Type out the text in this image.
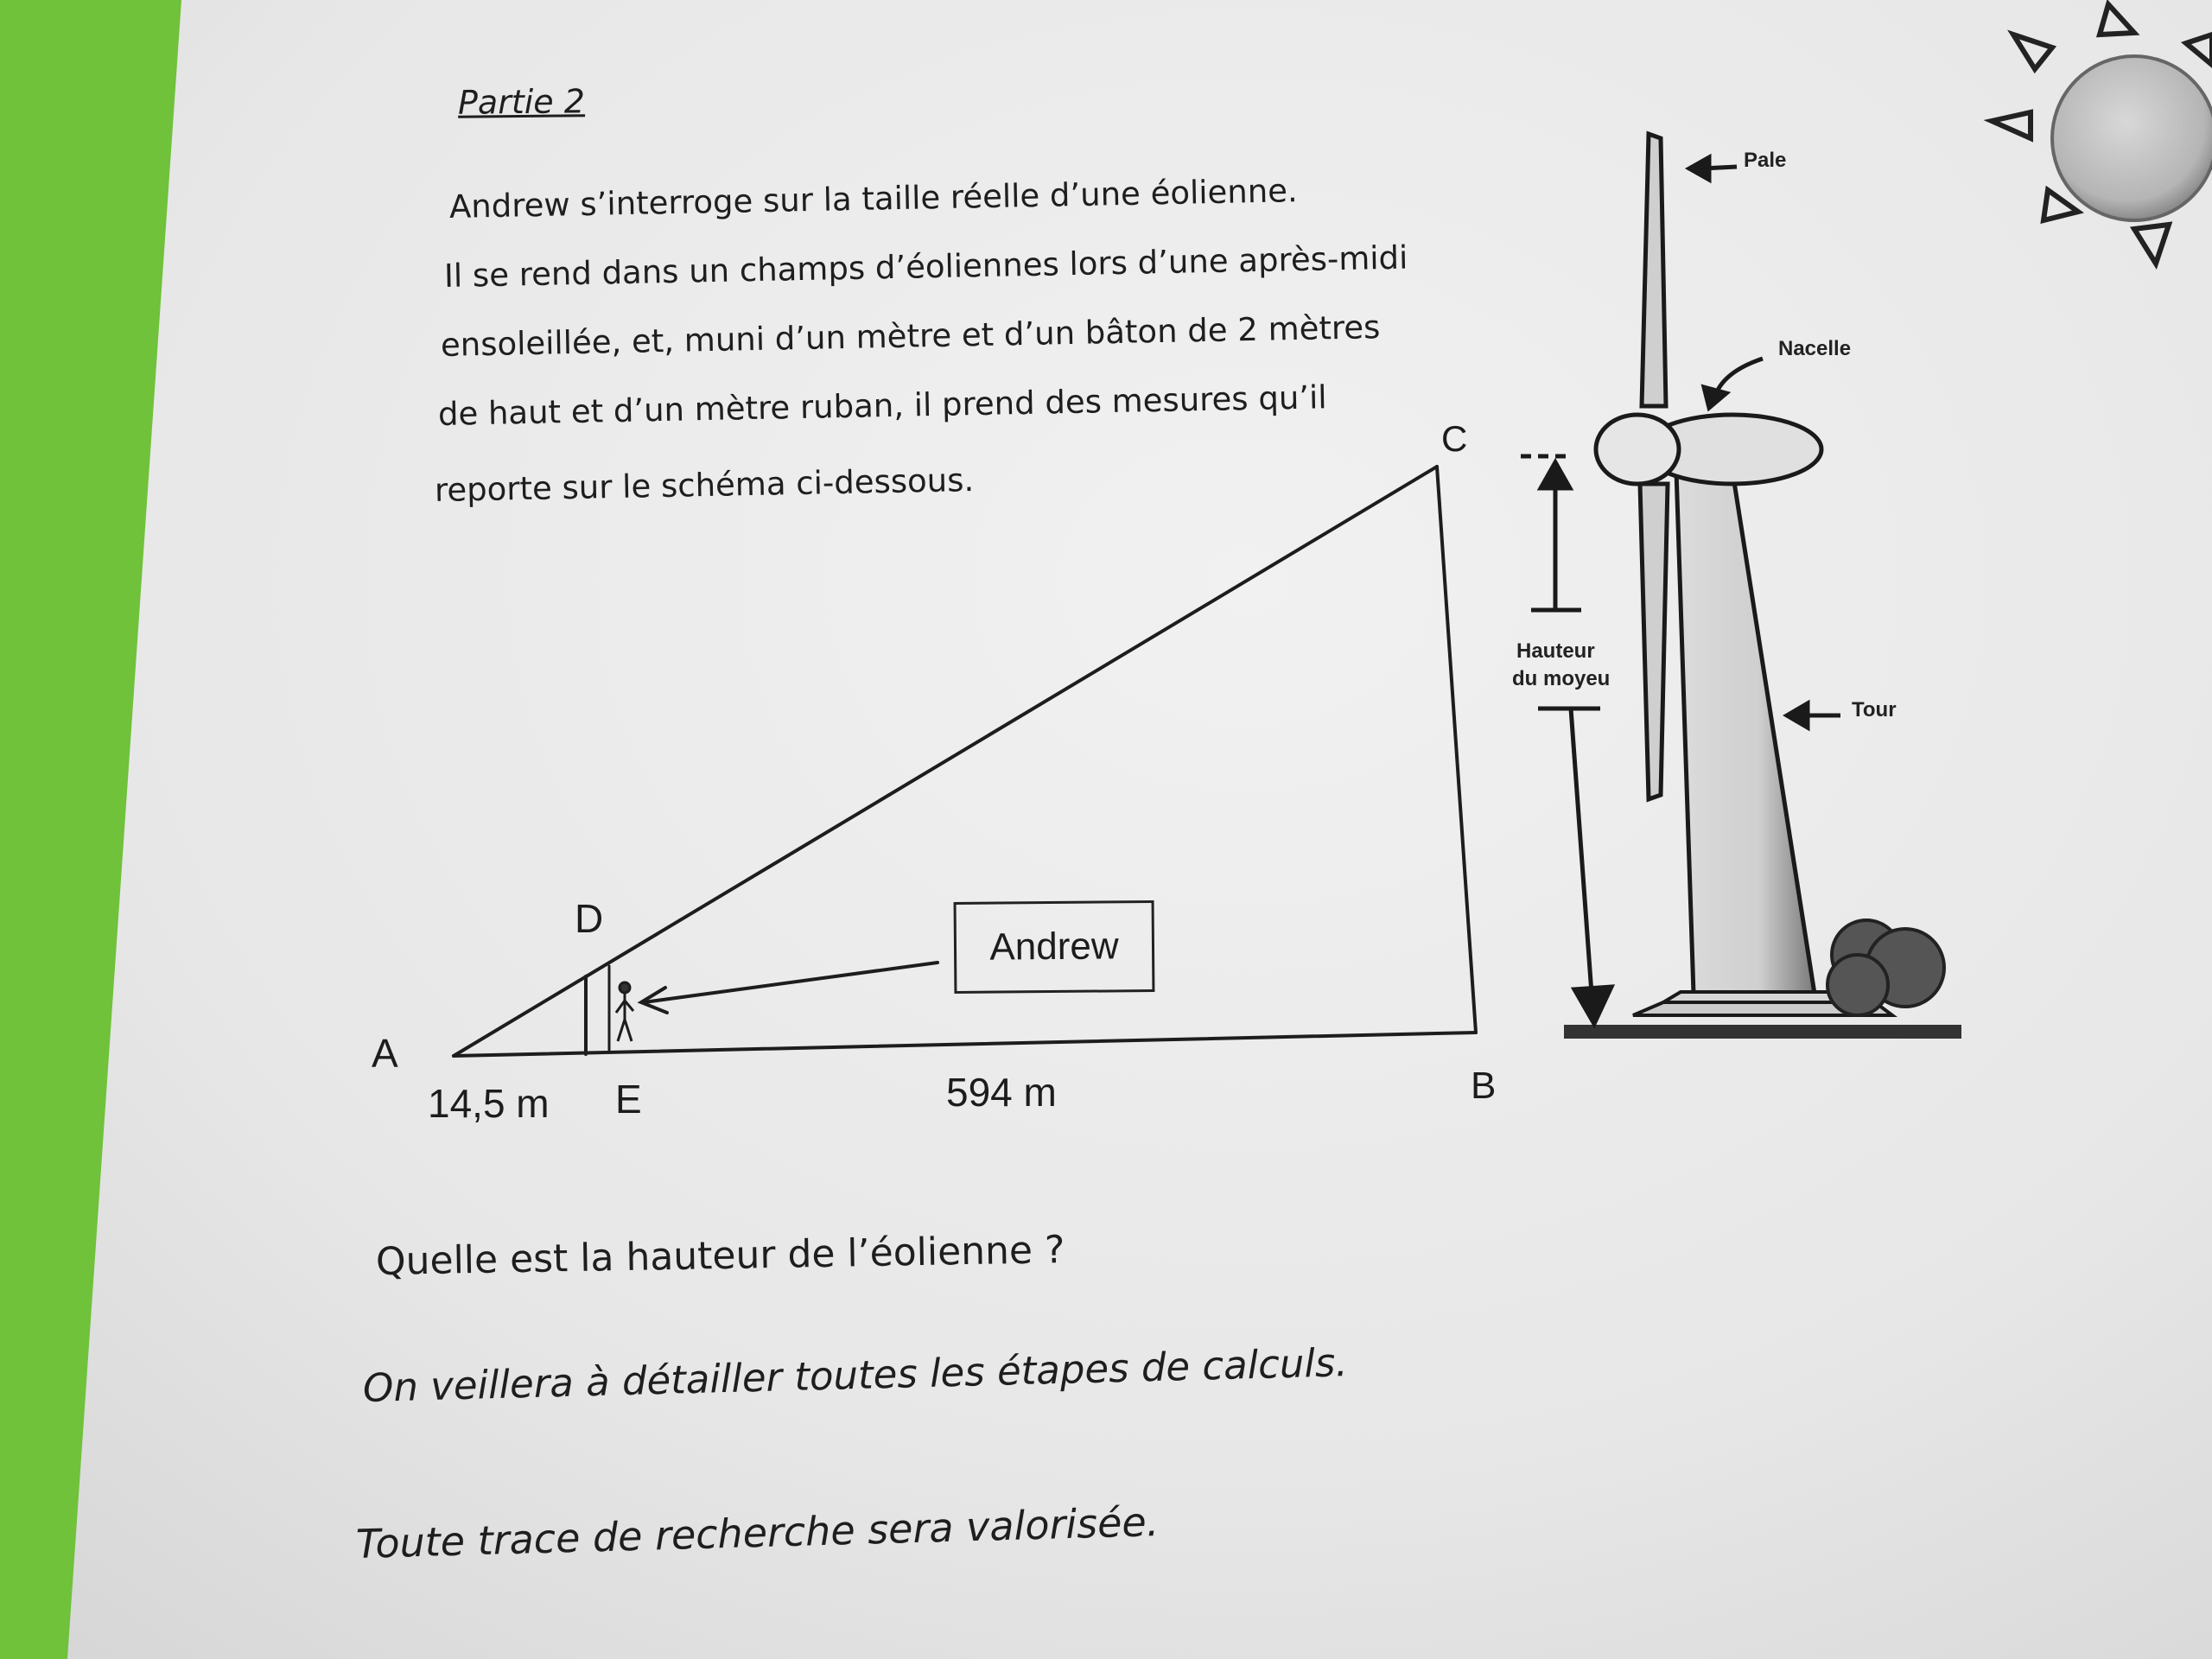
Partie 2
Andrew s’interroge sur la taille réelle d’une éolienne.
Il se rend dans un champs d’éoliennes lors d’une après-midi
ensoleillée, et, muni d’un mètre et d’un bâton de 2 mètres
de haut et d’un mètre ruban, il prend des mesures qu’il
reporte sur le schéma ci-dessous.
Quelle est la hauteur de l’éolienne ?
On veillera à détailler toutes les étapes de calculs.
Toute trace de recherche sera valorisée.
A
B
C
D
E
14,5 m	594 m
Andrew
Pale
Nacelle
Tour
Hauteur
du moyeu
